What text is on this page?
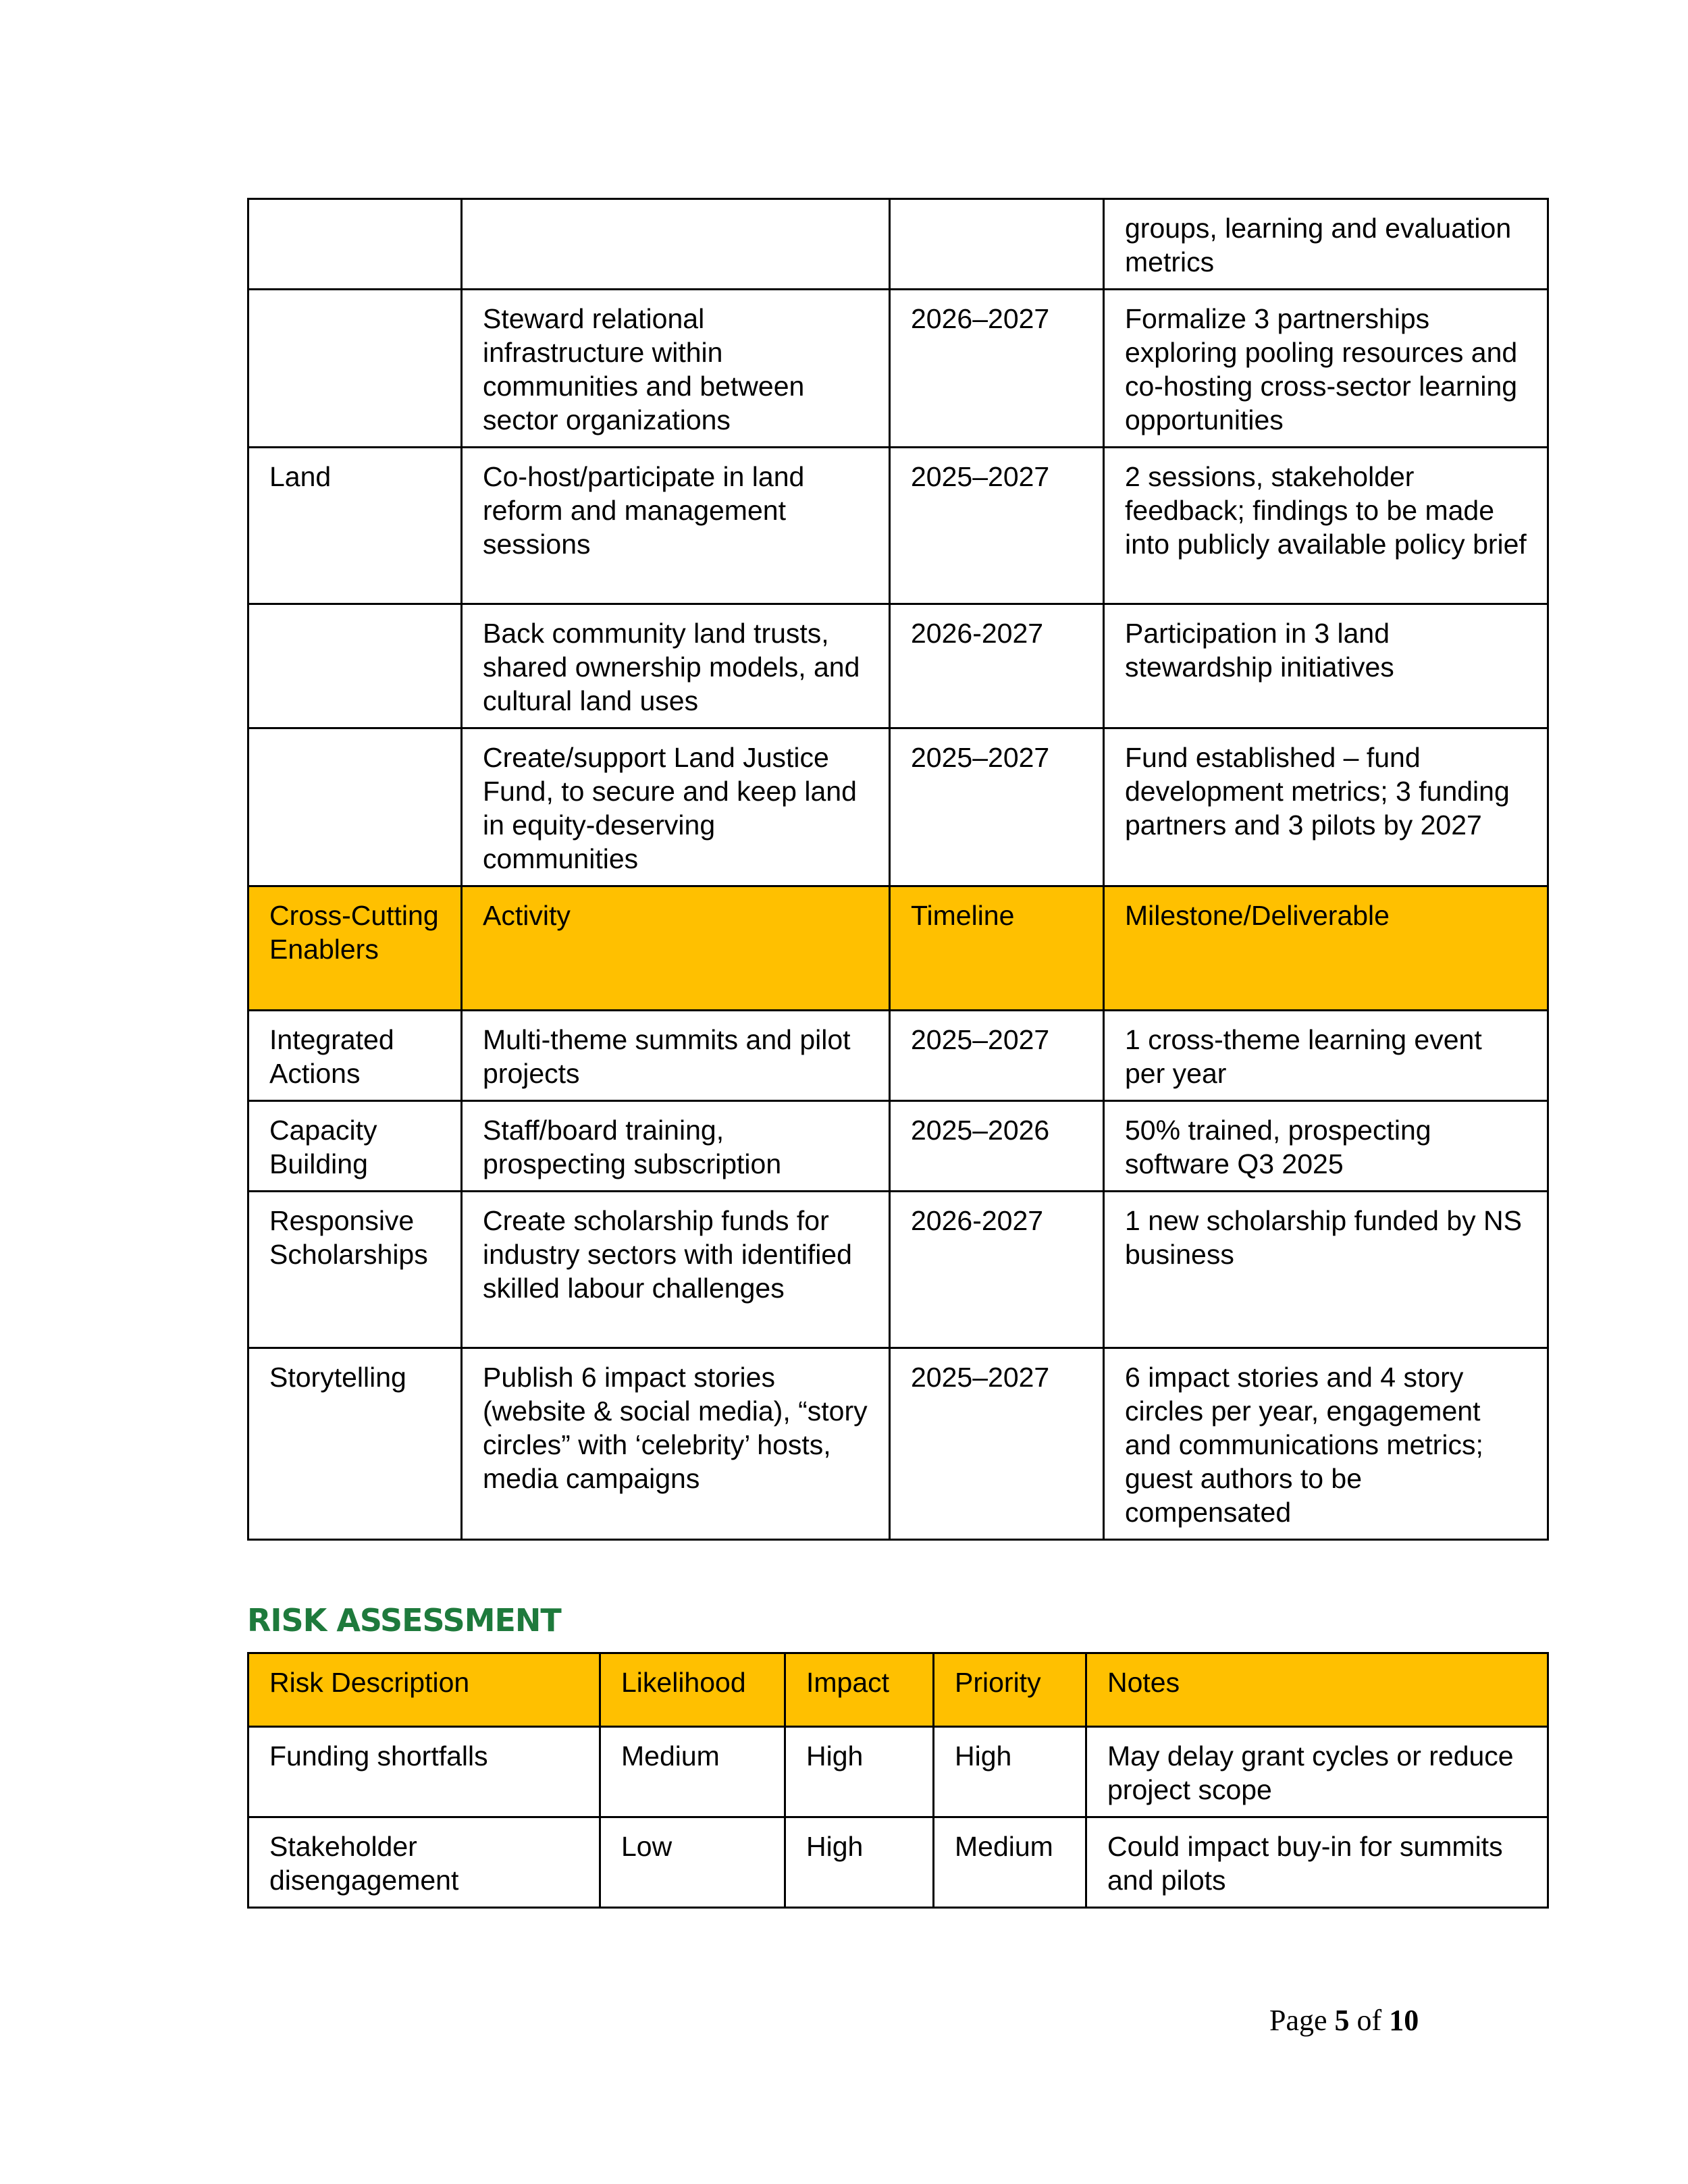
			groups, learning and evaluation metrics
	Steward relational infrastructure within communities and between sector organizations	2026–2027	Formalize 3 partnerships exploring pooling resources and co-hosting cross-sector learning opportunities
Land	Co-host/participate in land reform and management sessions	2025–2027	2 sessions, stakeholder feedback; findings to be made into publicly available policy brief
	Back community land trusts, shared ownership models, and cultural land uses	2026-2027	Participation in 3 land stewardship initiatives
	Create/support Land Justice Fund, to secure and keep land in equity-deserving communities	2025–2027	Fund established – fund development metrics; 3 funding partners and 3 pilots by 2027
Cross-Cutting Enablers	Activity	Timeline	Milestone/Deliverable
Integrated Actions	Multi-theme summits and pilot projects	2025–2027	1 cross-theme learning event per year
Capacity Building	Staff/board training, prospecting subscription	2025–2026	50% trained, prospecting software Q3 2025
Responsive Scholarships	Create scholarship funds for industry sectors with identified skilled labour challenges	2026-2027	1 new scholarship funded by NS business
Storytelling	Publish 6 impact stories (website & social media), “story circles” with ‘celebrity’ hosts, media campaigns	2025–2027	6 impact stories and 4 story circles per year, engagement and communications metrics; guest authors to be compensated
RISK ASSESSMENT
Risk Description	Likelihood	Impact	Priority	Notes
Funding shortfalls	Medium	High	High	May delay grant cycles or reduce project scope
Stakeholder disengagement	Low	High	Medium	Could impact buy-in for summits and pilots
Page 5 of 10
